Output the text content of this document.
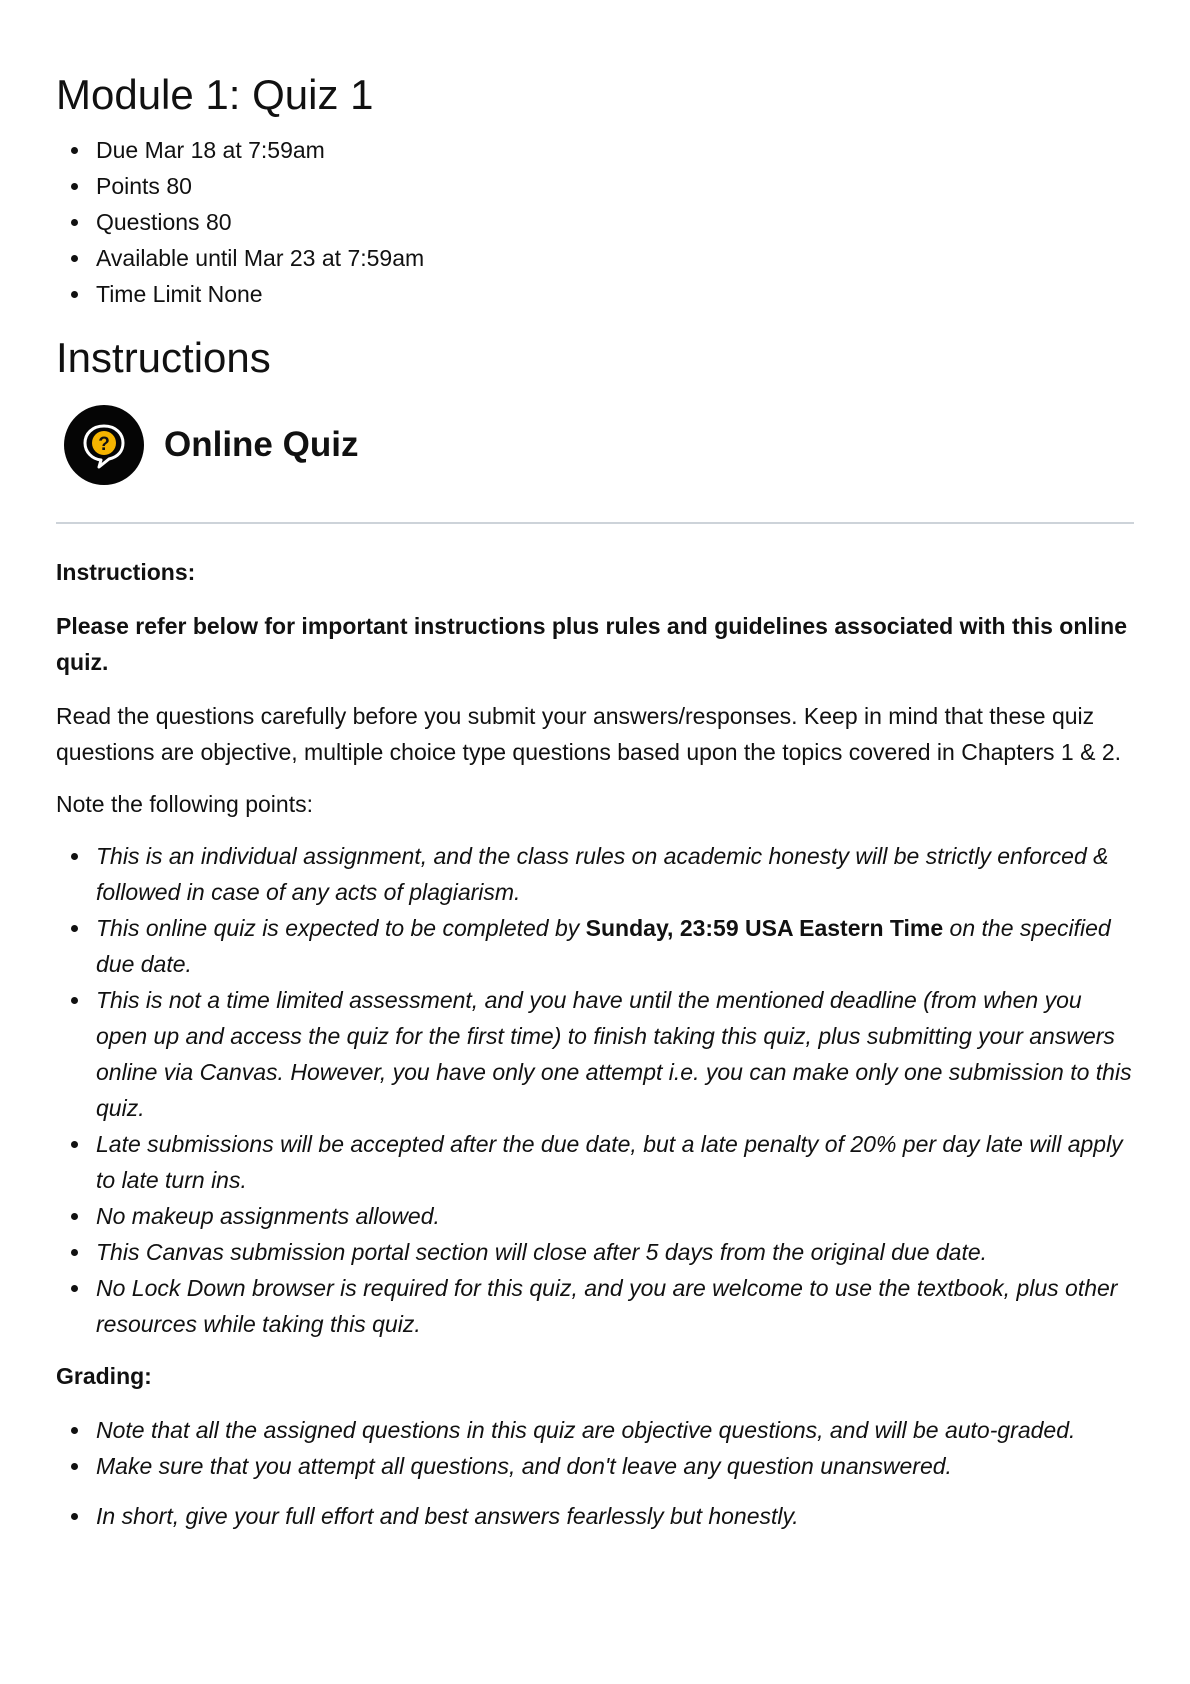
Module 1: Quiz 1
Due Mar 18 at 7:59am
Points 80
Questions 80
Available until Mar 23 at 7:59am
Time Limit None
Instructions
? Online Quiz

Instructions:

Please refer below for important instructions plus rules and guidelines associated with this online quiz.

Read the questions carefully before you submit your answers/responses. Keep in mind that these quiz questions are objective, multiple choice type questions based upon the topics covered in Chapters 1 & 2.

Note the following points:

This is an individual assignment, and the class rules on academic honesty will be strictly enforced & followed in case of any acts of plagiarism.
This online quiz is expected to be completed by Sunday, 23:59 USA Eastern Time on the specified due date.
This is not a time limited assessment, and you have until the mentioned deadline (from when you open up and access the quiz for the first time) to finish taking this quiz, plus submitting your answers online via Canvas. However, you have only one attempt i.e. you can make only one submission to this quiz.
Late submissions will be accepted after the due date, but a late penalty of 20% per day late will apply to late turn ins.
No makeup assignments allowed.
This Canvas submission portal section will close after 5 days from the original due date.
No Lock Down browser is required for this quiz, and you are welcome to use the textbook, plus other resources while taking this quiz.

Grading:

Note that all the assigned questions in this quiz are objective questions, and will be auto-graded.
Make sure that you attempt all questions, and don't leave any question unanswered.
In short, give your full effort and best answers fearlessly but honestly.
